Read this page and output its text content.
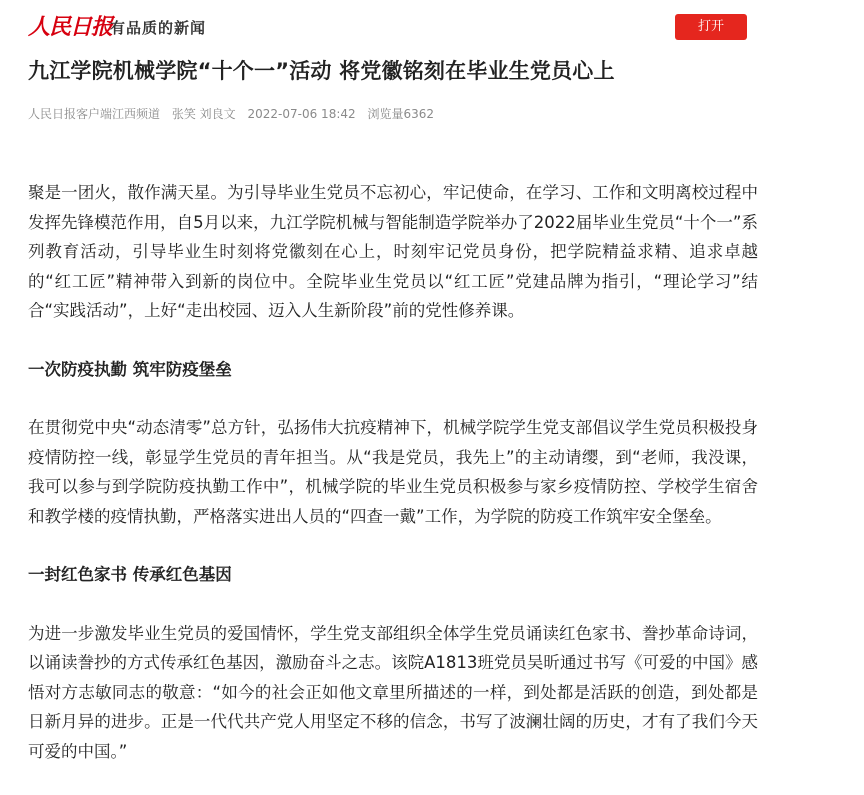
人民日报
有品质的新闻	打开
九江学院机械学院“十个一”活动 将党徽铭刻在毕业生党员心上
人民日报客户端江西频道 张笑 刘良文 2022-07-06 18:42 浏览量6362

聚是一团火，散作满天星。为引导毕业生党员不忘初心，牢记使命，在学习、工作和文明离校过程中发挥先锋模范作用，自5月以来，九江学院机械与智能制造学院举办了2022届毕业生党员“十个一”系列教育活动，引导毕业生时刻将党徽刻在心上，时刻牢记党员身份，把学院精益求精、追求卓越的“红工匠”精神带入到新的岗位中。全院毕业生党员以“红工匠”党建品牌为指引，“理论学习”结合“实践活动”，上好“走出校园、迈入人生新阶段”前的党性修养课。

一次防疫执勤 筑牢防疫堡垒

在贯彻党中央“动态清零”总方针，弘扬伟大抗疫精神下，机械学院学生党支部倡议学生党员积极投身疫情防控一线，彰显学生党员的青年担当。从“我是党员，我先上”的主动请缨，到“老师，我没课，我可以参与到学院防疫执勤工作中”，机械学院的毕业生党员积极参与家乡疫情防控、学校学生宿舍和教学楼的疫情执勤，严格落实进出人员的“四查一戴”工作，为学院的防疫工作筑牢安全堡垒。

一封红色家书 传承红色基因

为进一步激发毕业生党员的爱国情怀，学生党支部组织全体学生党员诵读红色家书、誊抄革命诗词，以诵读誊抄的方式传承红色基因，激励奋斗之志。该院A1813班党员吴昕通过书写《可爱的中国》感悟对方志敏同志的敬意：“如今的社会正如他文章里所描述的一样，到处都是活跃的创造，到处都是日新月异的进步。正是一代代共产党人用坚定不移的信念，书写了波澜壮阔的历史，才有了我们今天可爱的中国。”
